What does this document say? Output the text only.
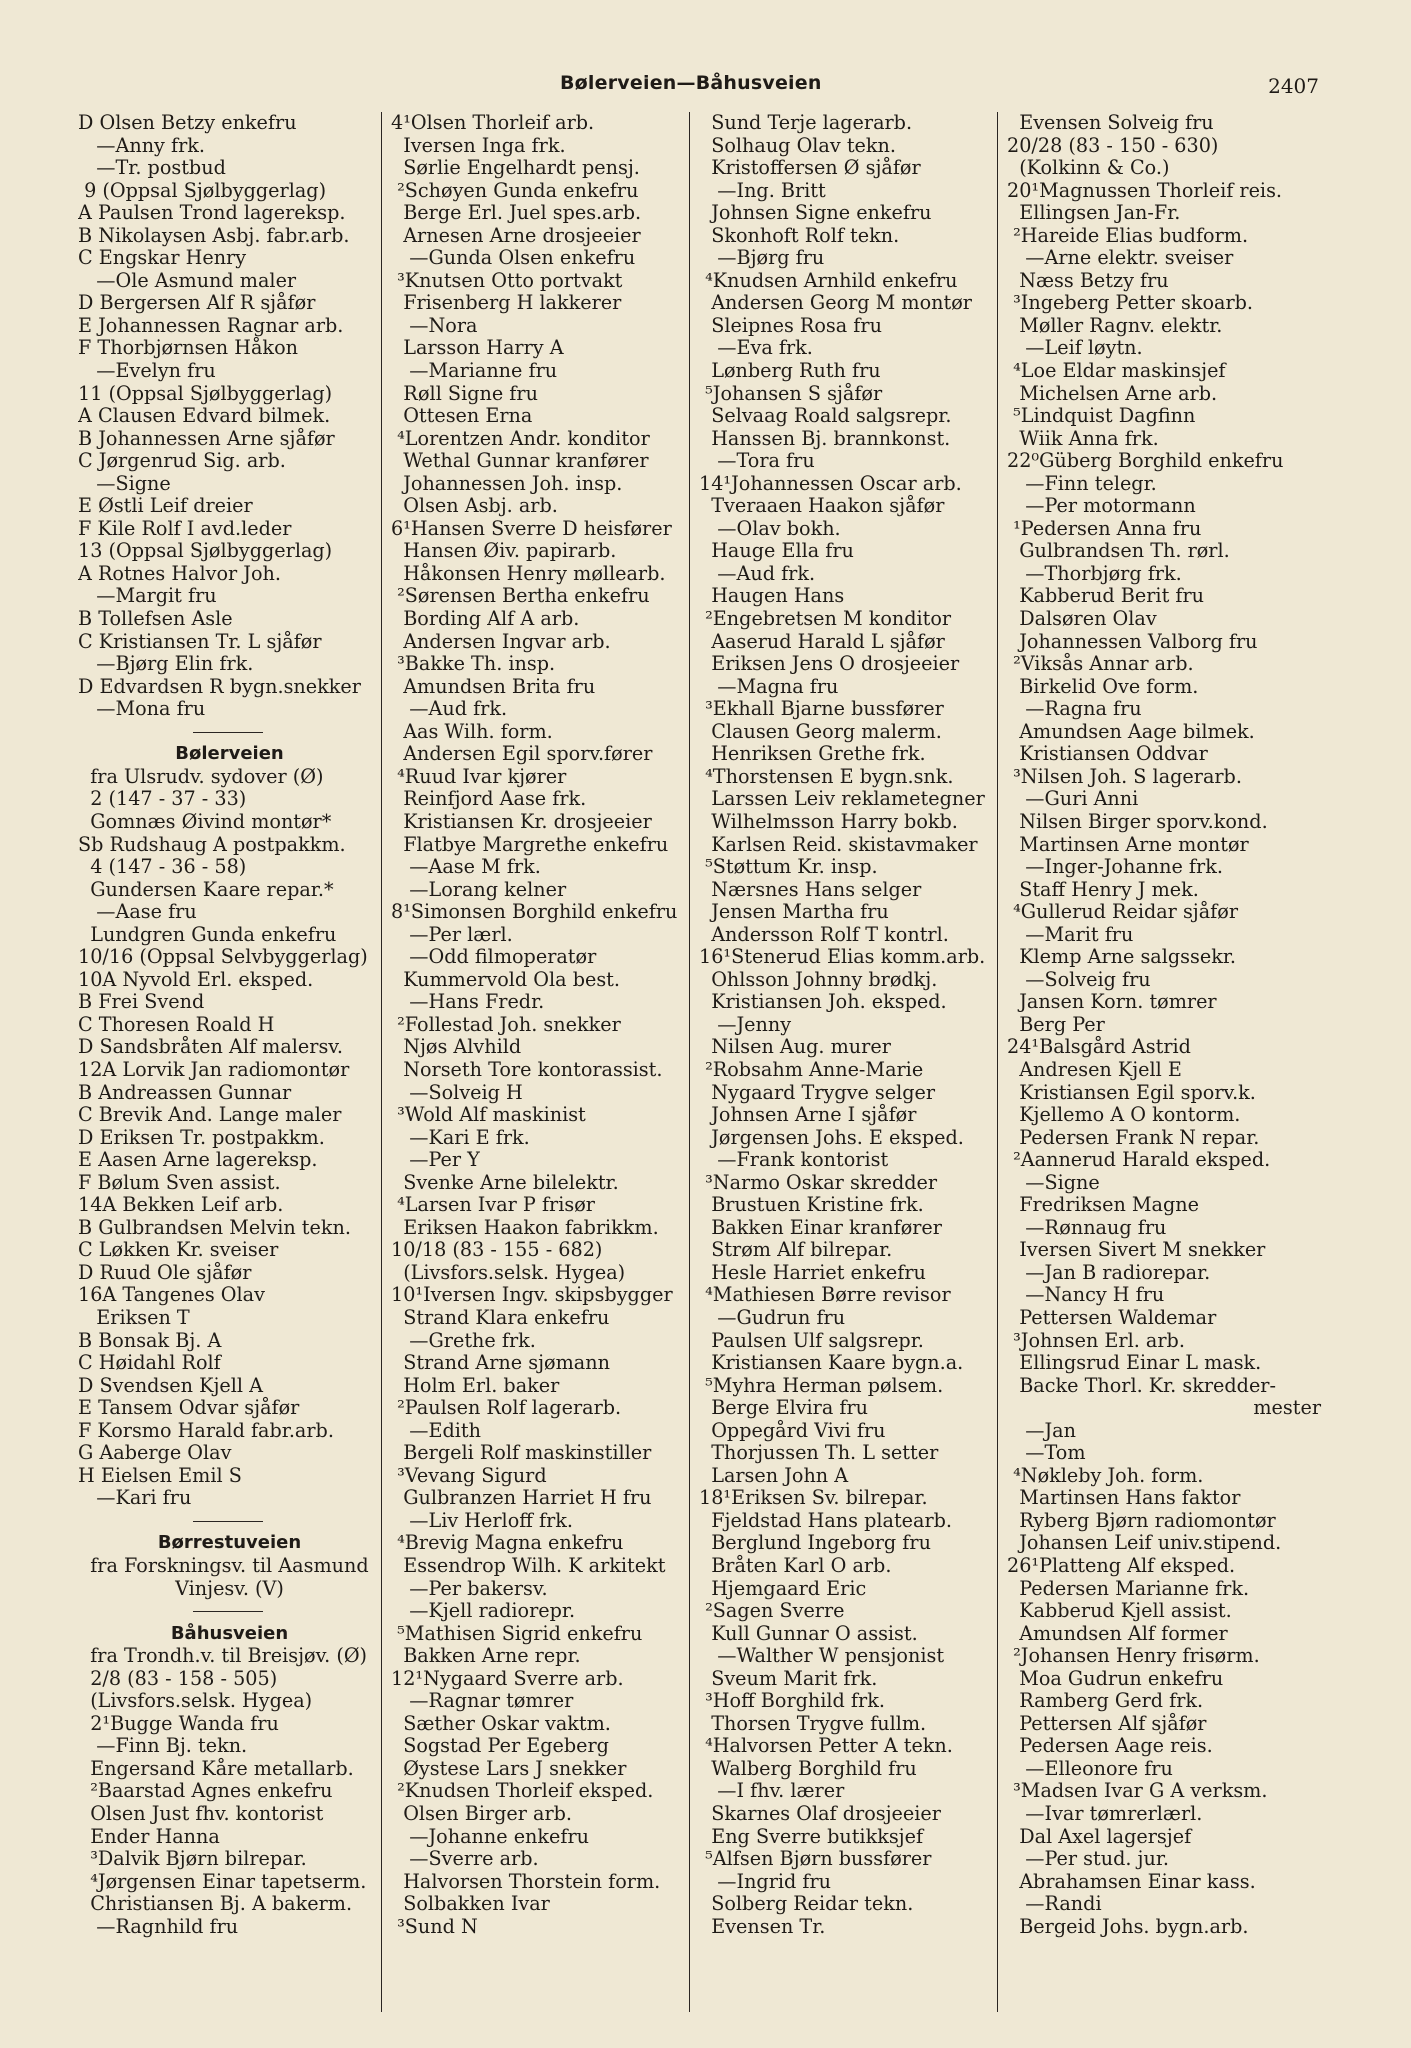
Bølerveien—Båhusveien	2407
D Olsen Betzy enkefru
—Anny frk.
—Tr. postbud
9 (Oppsal Sjølbyggerlag)
A Paulsen Trond lagereksp.
B Nikolaysen Asbj. fabr.arb.
C Engskar Henry
—Ole Asmund maler
D Bergersen Alf R sjåfør
E Johannessen Ragnar arb.
F Thorbjørnsen Håkon
—Evelyn fru
11 (Oppsal Sjølbyggerlag)
A Clausen Edvard bilmek.
B Johannessen Arne sjåfør
C Jørgenrud Sig. arb.
—Signe
E Østli Leif dreier
F Kile Rolf I avd.leder
13 (Oppsal Sjølbyggerlag)
A Rotnes Halvor Joh.
—Margit fru
B Tollefsen Asle
C Kristiansen Tr. L sjåfør
—Bjørg Elin frk.
D Edvardsen R bygn.snekker
—Mona fru
Bølerveien
fra Ulsrudv. sydover (Ø)
2 (147 - 37 - 33)
Gomnæs Øivind montør*
Sb Rudshaug A postpakkm.
4 (147 - 36 - 58)
Gundersen Kaare repar.*
—Aase fru
Lundgren Gunda enkefru
10/16 (Oppsal Selvbyggerlag)
10A Nyvold Erl. eksped.
B Frei Svend
C Thoresen Roald H
D Sandsbråten Alf malersv.
12A Lorvik Jan radiomontør
B Andreassen Gunnar
C Brevik And. Lange maler
D Eriksen Tr. postpakkm.
E Aasen Arne lagereksp.
F Bølum Sven assist.
14A Bekken Leif arb.
B Gulbrandsen Melvin tekn.
C Løkken Kr. sveiser
D Ruud Ole sjåfør
16A Tangenes Olav
Eriksen T
B Bonsak Bj. A
C Høidahl Rolf
D Svendsen Kjell A
E Tansem Odvar sjåfør
F Korsmo Harald fabr.arb.
G Aaberge Olav
H Eielsen Emil S
—Kari fru
Børrestuveien
fra Forskningsv. til Aasmund
Vinjesv. (V)
Båhusveien
fra Trondh.v. til Breisjøv. (Ø)
2/8 (83 - 158 - 505)
(Livsfors.selsk. Hygea)
2¹Bugge Wanda fru
—Finn Bj. tekn.
Engersand Kåre metallarb.
²Baarstad Agnes enkefru
Olsen Just fhv. kontorist
Ender Hanna
³Dalvik Bjørn bilrepar.
⁴Jørgensen Einar tapetserm.
Christiansen Bj. A bakerm.
—Ragnhild fru
4¹Olsen Thorleif arb.
Iversen Inga frk.
Sørlie Engelhardt pensj.
²Schøyen Gunda enkefru
Berge Erl. Juel spes.arb.
Arnesen Arne drosjeeier
—Gunda Olsen enkefru
³Knutsen Otto portvakt
Frisenberg H lakkerer
—Nora
Larsson Harry A
—Marianne fru
Røll Signe fru
Ottesen Erna
⁴Lorentzen Andr. konditor
Wethal Gunnar kranfører
Johannessen Joh. insp.
Olsen Asbj. arb.
6¹Hansen Sverre D heisfører
Hansen Øiv. papirarb.
Håkonsen Henry møllearb.
²Sørensen Bertha enkefru
Bording Alf A arb.
Andersen Ingvar arb.
³Bakke Th. insp.
Amundsen Brita fru
—Aud frk.
Aas Wilh. form.
Andersen Egil sporv.fører
⁴Ruud Ivar kjører
Reinfjord Aase frk.
Kristiansen Kr. drosjeeier
Flatbye Margrethe enkefru
—Aase M frk.
—Lorang kelner
8¹Simonsen Borghild enkefru
—Per lærl.
—Odd filmoperatør
Kummervold Ola best.
—Hans Fredr.
²Follestad Joh. snekker
Njøs Alvhild
Norseth Tore kontorassist.
—Solveig H
³Wold Alf maskinist
—Kari E frk.
—Per Y
Svenke Arne bilelektr.
⁴Larsen Ivar P frisør
Eriksen Haakon fabrikkm.
10/18 (83 - 155 - 682)
(Livsfors.selsk. Hygea)
10¹Iversen Ingv. skipsbygger
Strand Klara enkefru
—Grethe frk.
Strand Arne sjømann
Holm Erl. baker
²Paulsen Rolf lagerarb.
—Edith
Bergeli Rolf maskinstiller
³Vevang Sigurd
Gulbranzen Harriet H fru
—Liv Herloff frk.
⁴Brevig Magna enkefru
Essendrop Wilh. K arkitekt
—Per bakersv.
—Kjell radiorepr.
⁵Mathisen Sigrid enkefru
Bakken Arne repr.
12¹Nygaard Sverre arb.
—Ragnar tømrer
Sæther Oskar vaktm.
Sogstad Per Egeberg
Øystese Lars J snekker
²Knudsen Thorleif eksped.
Olsen Birger arb.
—Johanne enkefru
—Sverre arb.
Halvorsen Thorstein form.
Solbakken Ivar
³Sund N
Sund Terje lagerarb.
Solhaug Olav tekn.
Kristoffersen Ø sjåfør
—Ing. Britt
Johnsen Signe enkefru
Skonhoft Rolf tekn.
—Bjørg fru
⁴Knudsen Arnhild enkefru
Andersen Georg M montør
Sleipnes Rosa fru
—Eva frk.
Lønberg Ruth fru
⁵Johansen S sjåfør
Selvaag Roald salgsrepr.
Hanssen Bj. brannkonst.
—Tora fru
14¹Johannessen Oscar arb.
Tveraaen Haakon sjåfør
—Olav bokh.
Hauge Ella fru
—Aud frk.
Haugen Hans
²Engebretsen M konditor
Aaserud Harald L sjåfør
Eriksen Jens O drosjeeier
—Magna fru
³Ekhall Bjarne bussfører
Clausen Georg malerm.
Henriksen Grethe frk.
⁴Thorstensen E bygn.snk.
Larssen Leiv reklametegner
Wilhelmsson Harry bokb.
Karlsen Reid. skistavmaker
⁵Støttum Kr. insp.
Nærsnes Hans selger
Jensen Martha fru
Andersson Rolf T kontrl.
16¹Stenerud Elias komm.arb.
Ohlsson Johnny brødkj.
Kristiansen Joh. eksped.
—Jenny
Nilsen Aug. murer
²Robsahm Anne-Marie
Nygaard Trygve selger
Johnsen Arne I sjåfør
Jørgensen Johs. E eksped.
—Frank kontorist
³Narmo Oskar skredder
Brustuen Kristine frk.
Bakken Einar kranfører
Strøm Alf bilrepar.
Hesle Harriet enkefru
⁴Mathiesen Børre revisor
—Gudrun fru
Paulsen Ulf salgsrepr.
Kristiansen Kaare bygn.a.
⁵Myhra Herman pølsem.
Berge Elvira fru
Oppegård Vivi fru
Thorjussen Th. L setter
Larsen John A
18¹Eriksen Sv. bilrepar.
Fjeldstad Hans platearb.
Berglund Ingeborg fru
Bråten Karl O arb.
Hjemgaard Eric
²Sagen Sverre
Kull Gunnar O assist.
—Walther W pensjonist
Sveum Marit frk.
³Hoff Borghild frk.
Thorsen Trygve fullm.
⁴Halvorsen Petter A tekn.
Walberg Borghild fru
—I fhv. lærer
Skarnes Olaf drosjeeier
Eng Sverre butikksjef
⁵Alfsen Bjørn bussfører
—Ingrid fru
Solberg Reidar tekn.
Evensen Tr.
Evensen Solveig fru
20/28 (83 - 150 - 630)
(Kolkinn & Co.)
20¹Magnussen Thorleif reis.
Ellingsen Jan-Fr.
²Hareide Elias budform.
—Arne elektr. sveiser
Næss Betzy fru
³Ingeberg Petter skoarb.
Møller Ragnv. elektr.
—Leif løytn.
⁴Loe Eldar maskinsjef
Michelsen Arne arb.
⁵Lindquist Dagfinn
Wiik Anna frk.
22⁰Güberg Borghild enkefru
—Finn telegr.
—Per motormann
¹Pedersen Anna fru
Gulbrandsen Th. rørl.
—Thorbjørg frk.
Kabberud Berit fru
Dalsøren Olav
Johannessen Valborg fru
²Viksås Annar arb.
Birkelid Ove form.
—Ragna fru
Amundsen Aage bilmek.
Kristiansen Oddvar
³Nilsen Joh. S lagerarb.
—Guri Anni
Nilsen Birger sporv.kond.
Martinsen Arne montør
—Inger-Johanne frk.
Staff Henry J mek.
⁴Gullerud Reidar sjåfør
—Marit fru
Klemp Arne salgssekr.
—Solveig fru
Jansen Korn. tømrer
Berg Per
24¹Balsgård Astrid
Andresen Kjell E
Kristiansen Egil sporv.k.
Kjellemo A O kontorm.
Pedersen Frank N repar.
²Aannerud Harald eksped.
—Signe
Fredriksen Magne
—Rønnaug fru
Iversen Sivert M snekker
—Jan B radiorepar.
—Nancy H fru
Pettersen Waldemar
³Johnsen Erl. arb.
Ellingsrud Einar L mask.
Backe Thorl. Kr. skredder-
mester
—Jan
—Tom
⁴Nøkleby Joh. form.
Martinsen Hans faktor
Ryberg Bjørn radiomontør
Johansen Leif univ.stipend.
26¹Platteng Alf eksped.
Pedersen Marianne frk.
Kabberud Kjell assist.
Amundsen Alf former
²Johansen Henry frisørm.
Moa Gudrun enkefru
Ramberg Gerd frk.
Pettersen Alf sjåfør
Pedersen Aage reis.
—Elleonore fru
³Madsen Ivar G A verksm.
—Ivar tømrerlærl.
Dal Axel lagersjef
—Per stud. jur.
Abrahamsen Einar kass.
—Randi
Bergeid Johs. bygn.arb.
